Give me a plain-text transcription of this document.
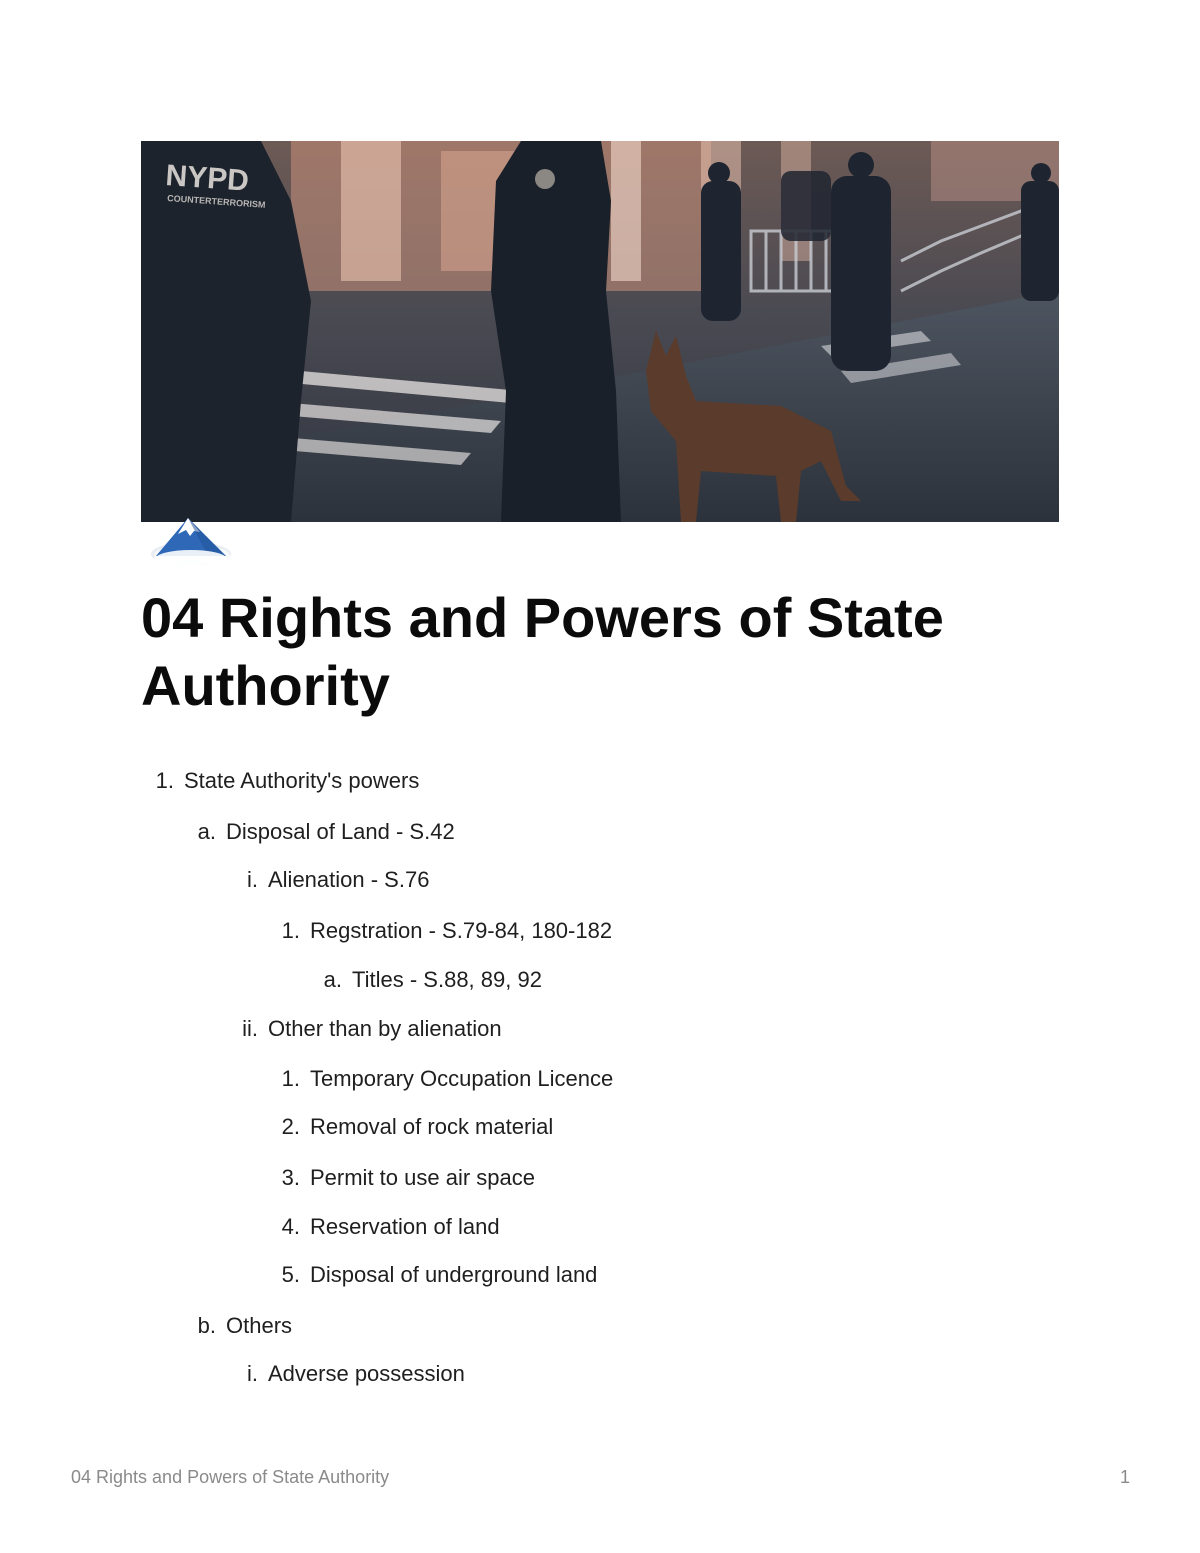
NYPD
COUNTERTERRORISM
04 Rights and Powers of State Authority
1. State Authority's powers
a. Disposal of Land - S.42
i. Alienation - S.76
1. Regstration - S.79-84, 180-182
a. Titles - S.88, 89, 92
ii. Other than by alienation
1. Temporary Occupation Licence
2. Removal of rock material
3. Permit to use air space
4. Reservation of land
5. Disposal of underground land
b. Others
i. Adverse possession
04 Rights and Powers of State Authority	1
